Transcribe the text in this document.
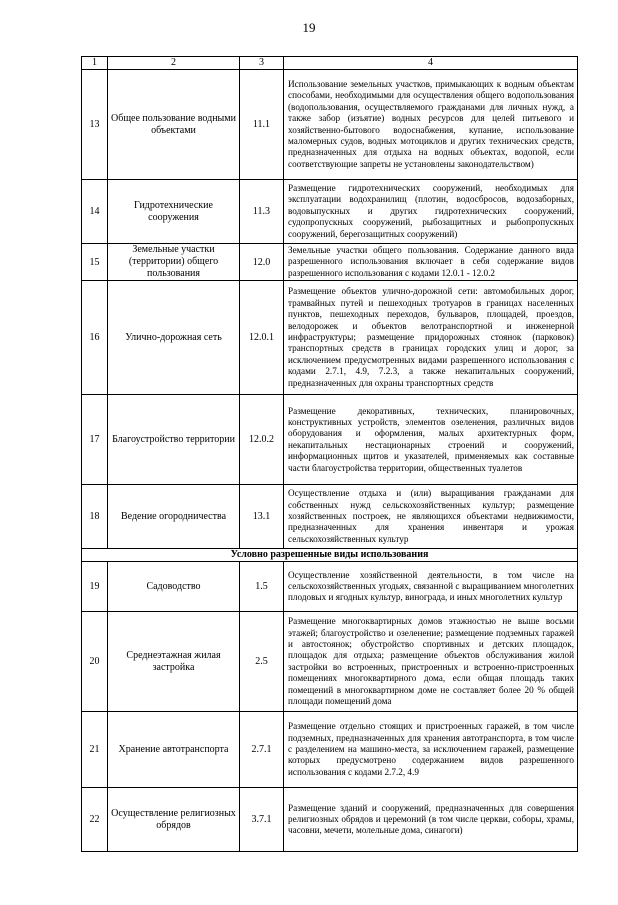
19
1	2	3	4
13	Общее пользование водными объектами	11.1	Использование земельных участков, примыкающих к водным объектам способами, необходимыми для осуществления общего водопользования (водопользования, осуществляемого гражданами для личных нужд, а также забор (изъятие) водных ресурсов для целей питьевого и хозяйственно-бытового водоснабжения, купание, использование маломерных судов, водных мотоциклов и других технических средств, предназначенных для отдыха на водных объектах, водопой, если соответствующие запреты не установлены законодательством)
14	Гидротехнические сооружения	11.3	Размещение гидротехнических сооружений, необходимых для эксплуатации водохранилищ (плотин, водосбросов, водозаборных, водовыпускных и других гидротехнических сооружений, судопропускных сооружений, рыбозащитных и рыбопропускных сооружений, берегозащитных сооружений)
15	Земельные участки (территории) общего пользования	12.0	Земельные участки общего пользования. Содержание данного вида разрешенного использования включает в себя содержание видов разрешенного использования с кодами 12.0.1 - 12.0.2
16	Улично-дорожная сеть	12.0.1	Размещение объектов улично-дорожной сети: автомобильных дорог, трамвайных путей и пешеходных тротуаров в границах населенных пунктов, пешеходных переходов, бульваров, площадей, проездов, велодорожек и объектов велотранспортной и инженерной инфраструктуры; размещение придорожных стоянок (парковок) транспортных средств в границах городских улиц и дорог, за исключением предусмотренных видами разрешенного использования с кодами 2.7.1, 4.9, 7.2.3, а также некапитальных сооружений, предназначенных для охраны транспортных средств
17	Благоустройство территории	12.0.2	Размещение декоративных, технических, планировочных, конструктивных устройств, элементов озеленения, различных видов оборудования и оформления, малых архитектурных форм, некапитальных нестационарных строений и сооружений, информационных щитов и указателей, применяемых как составные части благоустройства территории, общественных туалетов
18	Ведение огородничества	13.1	Осуществление отдыха и (или) выращивания гражданами для собственных нужд сельскохозяйственных культур; размещение хозяйственных построек, не являющихся объектами недвижимости, предназначенных для хранения инвентаря и урожая сельскохозяйственных культур
Условно разрешенные виды использования			
19	Садоводство	1.5	Осуществление хозяйственной деятельности, в том числе на сельскохозяйственных угодьях, связанной с выращиванием многолетних плодовых и ягодных культур, винограда, и иных многолетних культур
20	Среднеэтажная жилая застройка	2.5	Размещение многоквартирных домов этажностью не выше восьми этажей; благоустройство и озеленение; размещение подземных гаражей и автостоянок; обустройство спортивных и детских площадок, площадок для отдыха; размещение объектов обслуживания жилой застройки во встроенных, пристроенных и встроенно-пристроенных помещениях многоквартирного дома, если общая площадь таких помещений в многоквартирном доме не составляет более 20 % общей площади помещений дома
21	Хранение автотранспорта	2.7.1	Размещение отдельно стоящих и пристроенных гаражей, в том числе подземных, предназначенных для хранения автотранспорта, в том числе с разделением на машино-места, за исключением гаражей, размещение которых предусмотрено содержанием видов разрешенного использования с кодами 2.7.2, 4.9
22	Осуществление религиозных обрядов	3.7.1	Размещение зданий и сооружений, предназначенных для совершения религиозных обрядов и церемоний (в том числе церкви, соборы, храмы, часовни, мечети, молельные дома, синагоги)
